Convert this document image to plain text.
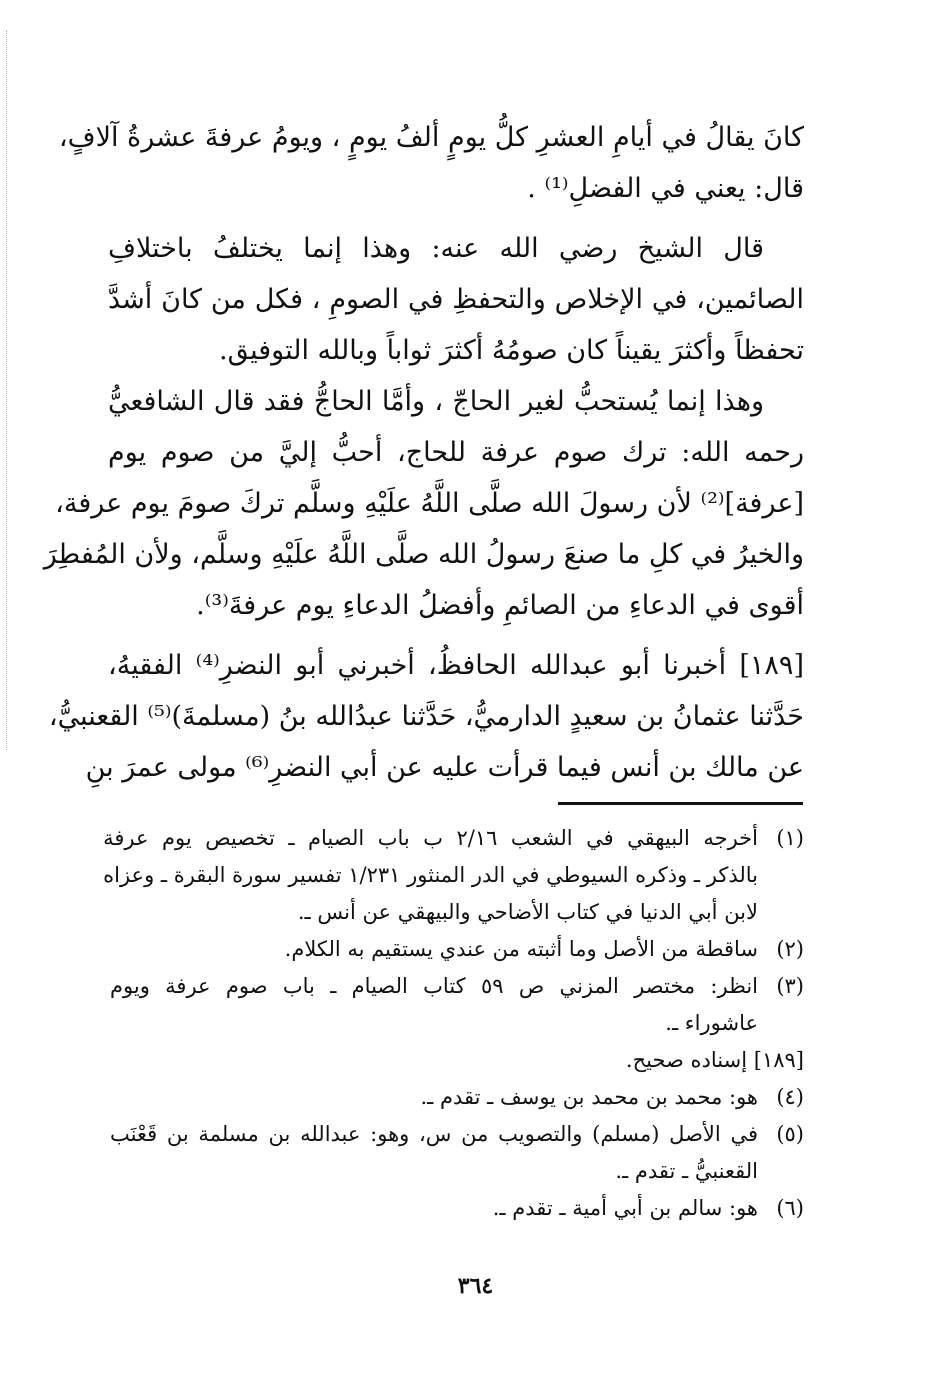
كانَ يقالُ في أيامِ العشرِ كلُّ يومٍ ألفُ يومٍ ، ويومُ عرفةَ عشرةُ آلافٍ،
قال: يعني في الفضلِ⁽¹⁾ .
قال الشيخ رضي الله عنه: وهذا إنما يختلفُ باختلافِ
الصائمين، في الإخلاص والتحفظِ في الصومِ ، فكل من كانَ أشدَّ
تحفظاً وأكثرَ يقيناً كان صومُهُ أكثرَ ثواباً وبالله التوفيق.
وهذا إنما يُستحبُّ لغير الحاجّ ، وأمَّا الحاجُّ فقد قال الشافعيُّ
رحمه الله: ترك صوم عرفة للحاج، أحبُّ إليَّ من صوم يوم
[عرفة]⁽²⁾ لأن رسولَ الله صلَّى اللَّهُ علَيْهِ وسلَّم تركَ صومَ يوم عرفة،
والخيرُ في كلِ ما صنعَ رسولُ الله صلَّى اللَّهُ علَيْهِ وسلَّم، ولأن المُفطِرَ
أقوى في الدعاءِ من الصائمِ وأفضلُ الدعاءِ يوم عرفةَ⁽³⁾.
[١٨٩] أخبرنا أبو عبدالله الحافظُ، أخبرني أبو النضرِ⁽⁴⁾ الفقيهُ،
حَدَّثنا عثمانُ بن سعيدٍ الدارميُّ، حَدَّثنا عبدُالله بنُ (مسلمةَ)⁽⁵⁾ القعنبيُّ،
عن مالك بن أنس فيما قرأت عليه عن أبي النضرِ⁽⁶⁾ مولى عمرَ بنِ
(١)
أخرجه البيهقي في الشعب ٢/١٦ ب باب الصيام ـ تخصيص يوم عرفة
بالذكر ـ وذكره السيوطي في الدر المنثور ١/٢٣١ تفسير سورة البقرة ـ وعزاه
لابن أبي الدنيا في كتاب الأضاحي والبيهقي عن أنس ـ.
(٢)
ساقطة من الأصل وما أثبته من عندي يستقيم به الكلام.
(٣)
انظر: مختصر المزني ص ٥٩ كتاب الصيام ـ باب صوم عرفة ويوم
عاشوراء ـ.
[١٨٩] إسناده صحيح.
(٤)
هو: محمد بن محمد بن يوسف ـ تقدم ـ.
(٥)
في الأصل (مسلم) والتصويب من س، وهو: عبدالله بن مسلمة بن قَعْنَب
القعنبيُّ ـ تقدم ـ.
(٦)
هو: سالم بن أبي أمية ـ تقدم ـ.
٣٦٤
